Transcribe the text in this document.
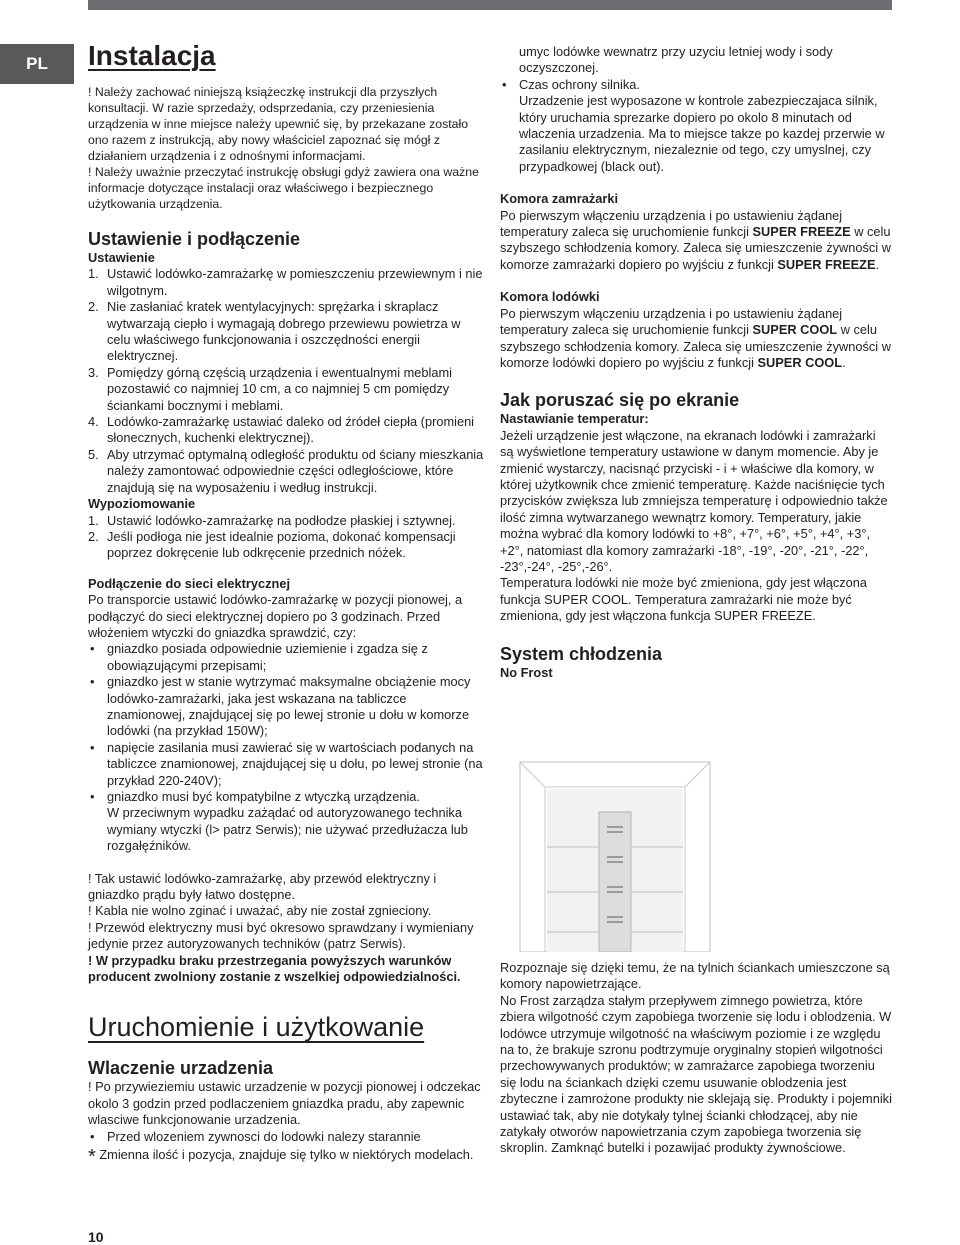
PL	Instalacja

! Należy zachować niniejszą książeczkę instrukcji dla przyszłych konsultacji. W razie sprzedaży, odsprzedania, czy przeniesienia urządzenia w inne miejsce należy upewnić się, by przekazane zostało ono razem z instrukcją, aby nowy właściciel zapoznać się mógł z działaniem urządzenia i z odnośnymi informacjami.

! Należy uważnie przeczytać instrukcję obsługi gdyż zawiera ona ważne informacje dotyczące instalacji oraz właściwego i bezpiecznego użytkowania urządzenia.

Ustawienie i podłączenie

Ustawienie

1. Ustawić lodówko-zamrażarkę w pomieszczeniu przewiewnym i nie wilgotnym.
2. Nie zasłaniać kratek wentylacyjnych: sprężarka i skraplacz wytwarzają ciepło i wymagają dobrego przewiewu powietrza w celu właściwego funkcjonowania i oszczędności energii elektrycznej.
3. Pomiędzy górną częścią urządzenia i ewentualnymi meblami pozostawić co najmniej 10 cm, a co najmniej 5 cm pomiędzy ściankami bocznymi i meblami.
4. Lodówko-zamrażarkę ustawiać daleko od źródeł ciepła (promieni słonecznych, kuchenki elektrycznej).
5. Aby utrzymać optymalną odległość produktu od ściany mieszkania należy zamontować odpowiednie części odległościowe, które znajdują się na wyposażeniu i według instrukcji.

Wypoziomowanie

1. Ustawić lodówko-zamrażarkę na podłodze płaskiej i sztywnej.
2. Jeśli podłoga nie jest idealnie pozioma, dokonać kompensacji poprzez dokręcenie lub odkręcenie przednich nóżek.

Podłączenie do sieci elektrycznej

Po transporcie ustawić lodówko-zamrażarkę w pozycji pionowej, a podłączyć do sieci elektrycznej dopiero po 3 godzinach. Przed włożeniem wtyczki do gniazdka sprawdzić, czy:

• gniazdko posiada odpowiednie uziemienie i zgadza się z obowiązującymi przepisami;
• gniazdko jest w stanie wytrzymać maksymalne obciążenie mocy lodówko-zamrażarki, jaka jest wskazana na tabliczce znamionowej, znajdującej się po lewej stronie u dołu w komorze lodówki (na przykład 150W);
• napięcie zasilania musi zawierać się w wartościach podanych na tabliczce znamionowej, znajdującej się u dołu, po lewej stronie (na przykład 220-240V);
• gniazdko musi być kompatybilne z wtyczką urządzenia.

W przeciwnym wypadku zażądać od autoryzowanego technika wymiany wtyczki (l> patrz Serwis); nie używać przedłużacza lub rozgałęźników.

! Tak ustawić lodówko-zamrażarkę, aby przewód elektryczny i gniazdko prądu były łatwo dostępne.

! Kabla nie wolno zginać i uważać, aby nie został zgnieciony.

! Przewód elektryczny musi być okresowo sprawdzany i wymieniany jedynie przez autoryzowanych techników (patrz Serwis).

! W przypadku braku przestrzegania powyższych warunków producent zwolniony zostanie z wszelkiej odpowiedzialności.

Uruchomienie i użytkowanie
Wlaczenie urzadzenia

! Po przywieziemiu ustawic urzadzenie w pozycji pionowej i odczekac okolo 3 godzin przed podlaczeniem gniazdka pradu, aby zapewnic wlasciwe funkcjonowanie urzadzenia.

• Przed wlozeniem zywnosci do lodowki nalezy starannie

* Zmienna ilość i pozycja, znajduje się tylko w niektórych modelach.

10

umyc lodówke wewnatrz przy uzyciu letniej wody i sody oczyszczonej.

• Czas ochrony silnika.

Urzadzenie jest wyposazone w kontrole zabezpieczajaca silnik, który uruchamia sprezarke dopiero po okolo 8 minutach od wlaczenia urzadzenia. Ma to miejsce takze po kazdej przerwie w zasilaniu elektrycznym, niezaleznie od tego, czy umyslnej, czy przypadkowej (black out).

Komora zamrażarki

Po pierwszym włączeniu urządzenia i po ustawieniu żądanej temperatury zaleca się uruchomienie funkcji SUPER FREEZE w celu szybszego schłodzenia komory. Zaleca się umieszczenie żywności w komorze zamrażarki dopiero po wyjściu z funkcji SUPER FREEZE.

Komora lodówki

Po pierwszym włączeniu urządzenia i po ustawieniu żądanej temperatury zaleca się uruchomienie funkcji SUPER COOL w celu szybszego schłodzenia komory. Zaleca się umieszczenie żywności w komorze lodówki dopiero po wyjściu z funkcji SUPER COOL.

Jak poruszać się po ekranie

Nastawianie temperatur:

Jeżeli urządzenie jest włączone, na ekranach lodówki i zamrażarki są wyświetlone temperatury ustawione w danym momencie. Aby je zmienić wystarczy, nacisnąć przyciski - i + właściwe dla komory, w której użytkownik chce zmienić temperaturę. Każde naciśnięcie tych przycisków zwiększa lub zmniejsza temperaturę i odpowiednio także ilość zimna wytwarzanego wewnątrz komory. Temperatury, jakie można wybrać dla komory lodówki to +8°, +7°, +6°, +5°, +4°, +3°, +2°, natomiast dla komory zamrażarki -18°, -19°, -20°, -21°, -22°, -23°,-24°, -25°,-26°.

Temperatura lodówki nie może być zmieniona, gdy jest włączona funkcja SUPER COOL. Temperatura zamrażarki nie może być zmieniona, gdy jest włączona funkcja SUPER FREEZE.

System chłodzenia

No Frost

Rozpoznaje się dzięki temu, że na tylnich ściankach umieszczone są komory napowietrzające.

No Frost zarządza stałym przepływem zimnego powietrza, które zbiera wilgotność czym zapobiega tworzenie się lodu i oblodzenia. W lodówce utrzymuje wilgotność na właściwym poziomie i ze względu na to, że brakuje szronu podtrzymuje oryginalny stopień wilgotności przechowywanych produktów; w zamrażarce zapobiega tworzeniu się lodu na ściankach dzięki czemu usuwanie oblodzenia jest zbyteczne i zamrożone produkty nie sklejają się. Produkty i pojemniki ustawiać tak, aby nie dotykały tylnej ścianki chłodzącej, aby nie zatykały otworów napowietrzania czym zapobiega tworzenia się skroplin. Zamknąć butelki i pozawijać produkty żywnościowe.
